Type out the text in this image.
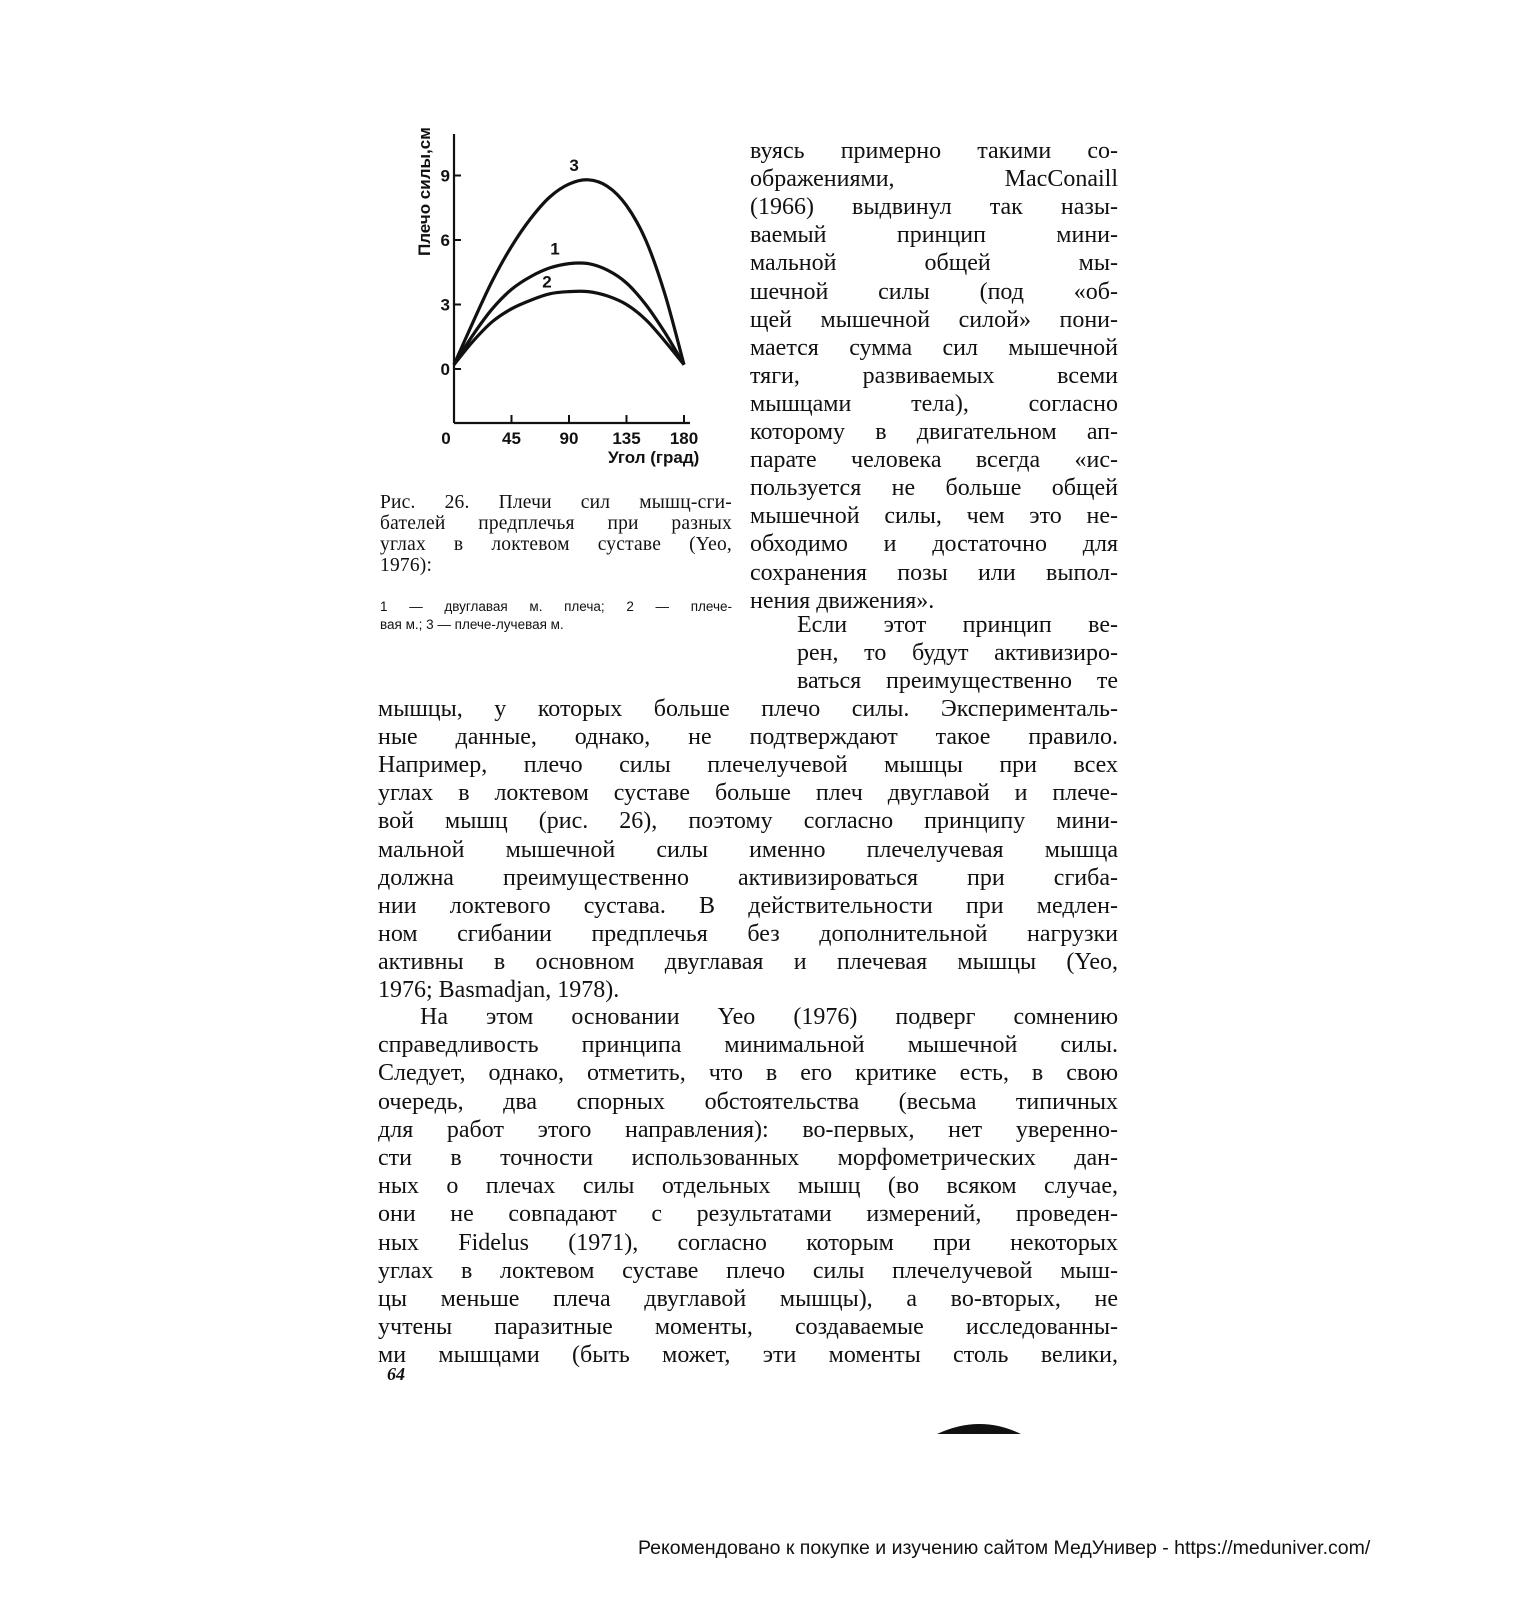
0
3
6
9
0	45 90 135 180
1
2
3
Плечо силы,см
Угол (град)
Рис. 26. Плечи сил мышц-сги-
бателей предплечья при разных
углах в локтевом суставе (Yeo,
1976):
1 — двуглавая м. плеча; 2 — плече-
вая м.; 3 — плече-лучевая м.
вуясь примерно такими со-
ображениями, MacConaill
(1966) выдвинул так назы-
ваемый принцип мини-
мальной общей мы-
шечной силы (под «об-
щей мышечной силой» пони-
мается сумма сил мышечной
тяги, развиваемых всеми
мышцами тела), согласно
которому в двигательном ап-
парате человека всегда «ис-
пользуется не больше общей
мышечной силы, чем это не-
обходимо и достаточно для
сохранения позы или выпол-
нения движения».
Если этот принцип ве-
рен, то будут активизиро-
ваться преимущественно те
мышцы, у которых больше плечо силы. Эксперименталь-
ные данные, однако, не подтверждают такое правило.
Например, плечо силы плечелучевой мышцы при всех
углах в локтевом суставе больше плеч двуглавой и плече-
вой мышц (рис. 26), поэтому согласно принципу мини-
мальной мышечной силы именно плечелучевая мышца
должна преимущественно активизироваться при сгиба-
нии локтевого сустава. В действительности при медлен-
ном сгибании предплечья без дополнительной нагрузки
активны в основном двуглавая и плечевая мышцы (Yeo,
1976; Basmadjan, 1978).
На этом основании Yeo (1976) подверг сомнению
справедливость принципа минимальной мышечной силы.
Следует, однако, отметить, что в его критике есть, в свою
очередь, два спорных обстоятельства (весьма типичных
для работ этого направления): во-первых, нет уверенно-
сти в точности использованных морфометрических дан-
ных о плечах силы отдельных мышц (во всяком случае,
они не совпадают с результатами измерений, проведен-
ных Fidelus (1971), согласно которым при некоторых
углах в локтевом суставе плечо силы плечелучевой мыш-
цы меньше плеча двуглавой мышцы), а во-вторых, не
учтены паразитные моменты, создаваемые исследованны-
ми мышцами (быть может, эти моменты столь велики,
64
Рекомендовано к покупке и изучению сайтом МедУнивер - https://meduniver.com/
